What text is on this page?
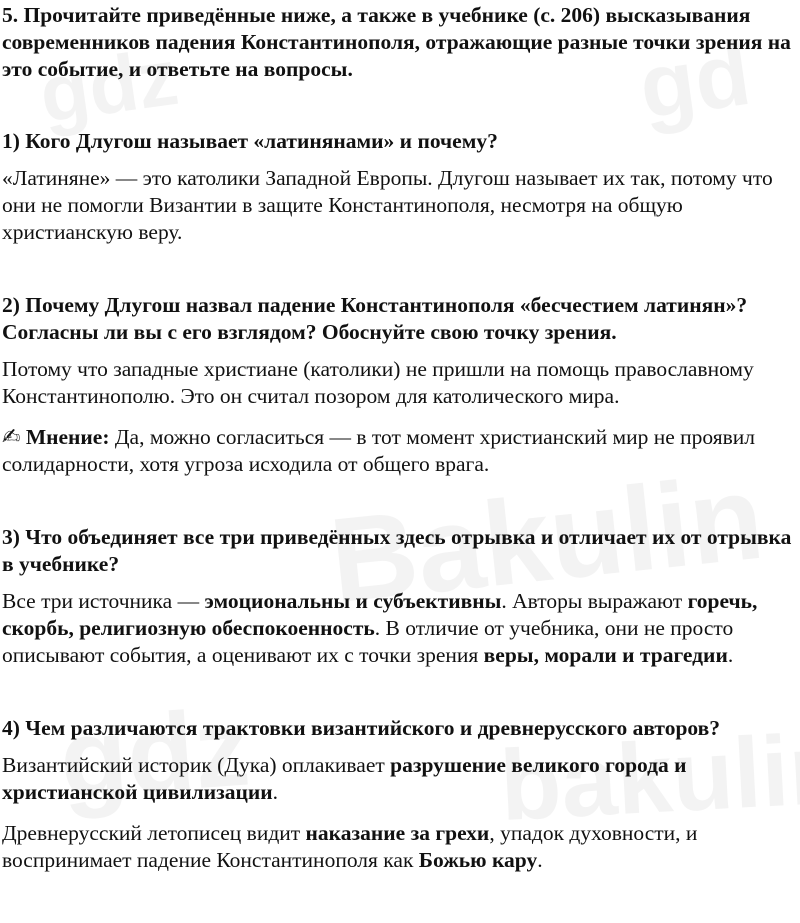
5. Прочитайте приведённые ниже, а также в учебнике (с. 206) высказывания современников падения Константинополя, отражающие разные точки зрения на это событие, и ответьте на вопросы.

1) Кого Длугош называет «латинянами» и почему?

«Латиняне» — это католики Западной Европы. Длугош называет их так, потому что они не помогли Византии в защите Константинополя, несмотря на общую христианскую веру.

2) Почему Длугош назвал падение Константинополя «бесчестием латинян»? Согласны ли вы с его взглядом? Обоснуйте свою точку зрения.

Потому что западные христиане (католики) не пришли на помощь православному Константинополю. Это он считал позором для католического мира.

✍ Мнение: Да, можно согласиться — в тот момент христианский мир не проявил солидарности, хотя угроза исходила от общего врага.

3) Что объединяет все три приведённых здесь отрывка и отличает их от отрывка в учебнике?

Все три источника — эмоциональны и субъективны. Авторы выражают горечь, скорбь, религиозную обеспокоенность. В отличие от учебника, они не просто описывают события, а оценивают их с точки зрения веры, морали и трагедии.

4) Чем различаются трактовки византийского и древнерусского авторов?

Византийский историк (Дука) оплакивает разрушение великого города и христианской цивилизации.

Древнерусский летописец видит наказание за грехи, упадок духовности, и воспринимает падение Константинополя как Божью кару.
